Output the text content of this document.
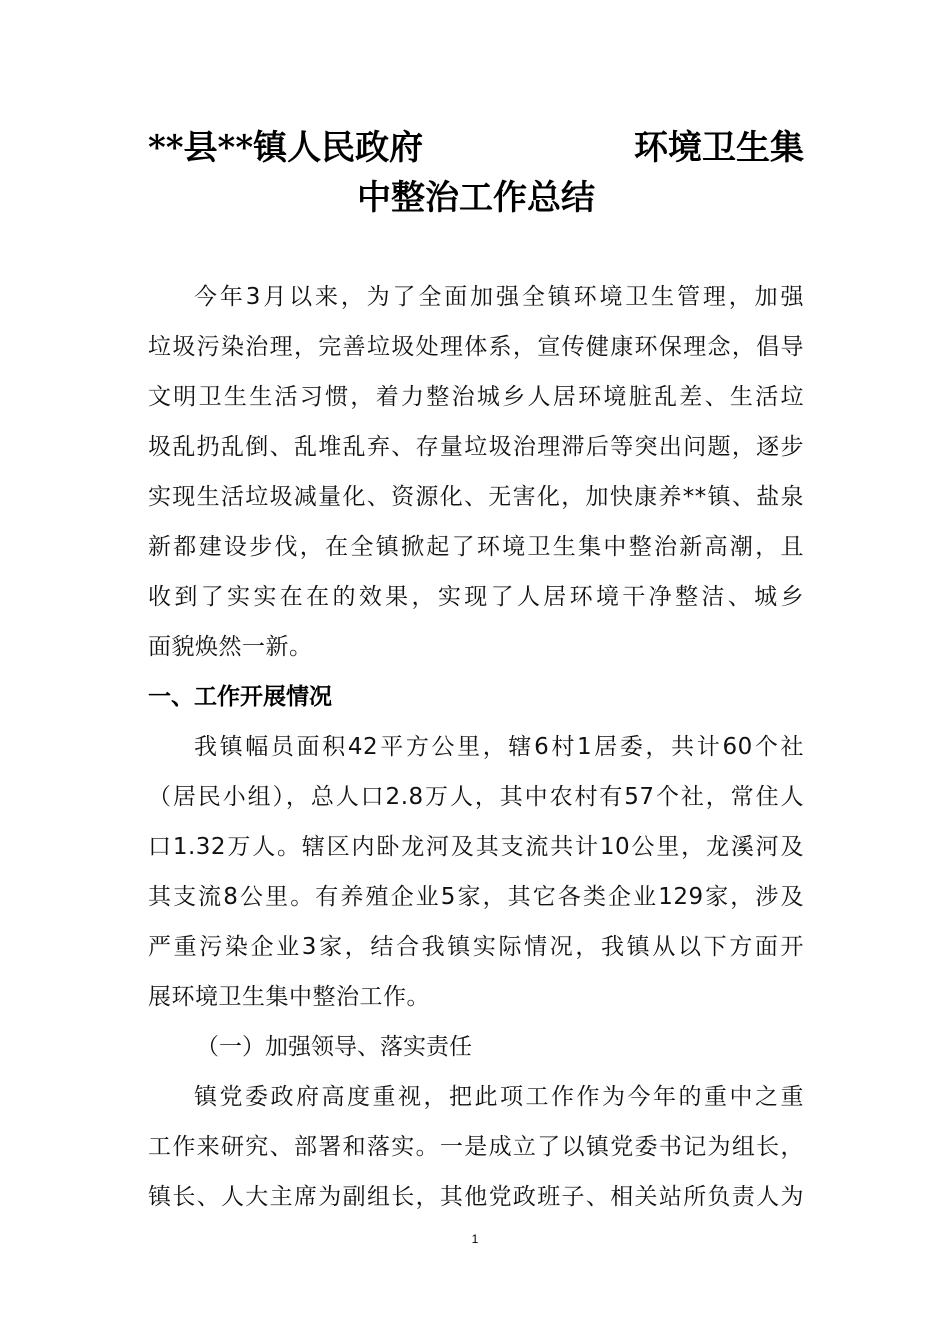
**县**镇人民政府	环境卫生集
中整治工作总结
今年3月以来，为了全面加强全镇环境卫生管理，加强
垃圾污染治理，完善垃圾处理体系，宣传健康环保理念，倡导
文明卫生生活习惯，着力整治城乡人居环境脏乱差、生活垃
圾乱扔乱倒、乱堆乱弃、存量垃圾治理滞后等突出问题，逐步
实现生活垃圾减量化、资源化、无害化，加快康养**镇、盐泉
新都建设步伐，在全镇掀起了环境卫生集中整治新高潮，且
收到了实实在在的效果，实现了人居环境干净整洁、城乡
面貌焕然一新。
一、工作开展情况
我镇幅员面积42平方公里，辖6村1居委，共计60个社
（居民小组），总人口2.8万人，其中农村有57个社，常住人
口1.32万人。辖区内卧龙河及其支流共计10公里，龙溪河及
其支流8公里。有养殖企业5家，其它各类企业129家，涉及
严重污染企业3家，结合我镇实际情况，我镇从以下方面开
展环境卫生集中整治工作。
（一）加强领导、落实责任
镇党委政府高度重视，把此项工作作为今年的重中之重
工作来研究、部署和落实。一是成立了以镇党委书记为组长，
镇长、人大主席为副组长，其他党政班子、相关站所负责人为
1
